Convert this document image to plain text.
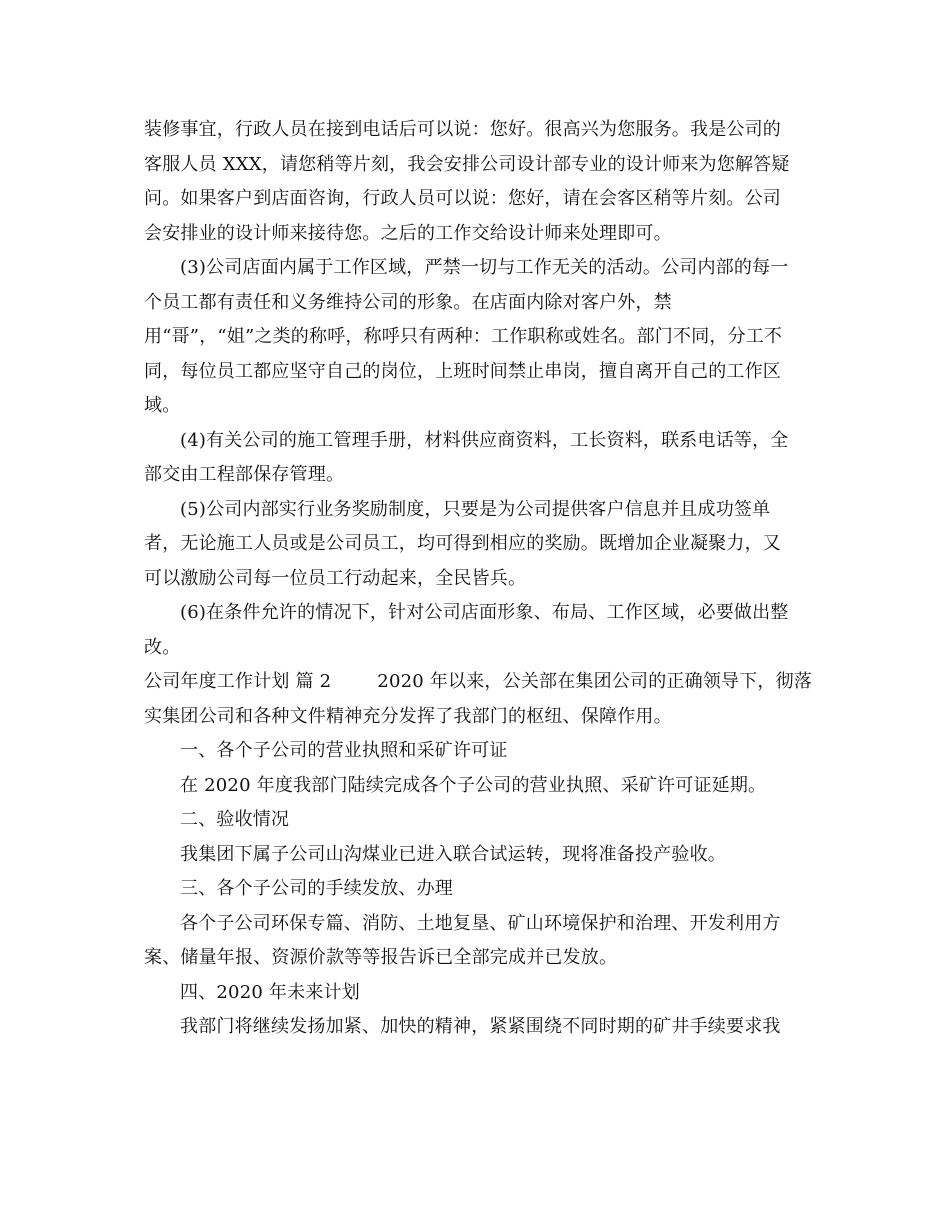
装修事宜，行政人员在接到电话后可以说：您好。很高兴为您服务。我是公司的
客服人员 XXX，请您稍等片刻，我会安排公司设计部专业的设计师来为您解答疑
问。如果客户到店面咨询，行政人员可以说：您好，请在会客区稍等片刻。公司
会安排业的设计师来接待您。之后的工作交给设计师来处理即可。
(3)公司店面内属于工作区域，严禁一切与工作无关的活动。公司内部的每一
个员工都有责任和义务维持公司的形象。在店面内除对客户外，禁
用“哥”，“姐”之类的称呼，称呼只有两种：工作职称或姓名。部门不同，分工不
同，每位员工都应坚守自己的岗位，上班时间禁止串岗，擅自离开自己的工作区
域。
(4)有关公司的施工管理手册，材料供应商资料，工长资料，联系电话等，全
部交由工程部保存管理。
(5)公司内部实行业务奖励制度，只要是为公司提供客户信息并且成功签单
者，无论施工人员或是公司员工，均可得到相应的奖励。既增加企业凝聚力，又
可以激励公司每一位员工行动起来，全民皆兵。
(6)在条件允许的情况下，针对公司店面形象、布局、工作区域，必要做出整
改。
公司年度工作计划 篇 2	2020 年以来，公关部在集团公司的正确领导下，彻落
实集团公司和各种文件精神充分发挥了我部门的枢纽、保障作用。
一、各个子公司的营业执照和采矿许可证
在 2020 年度我部门陆续完成各个子公司的营业执照、采矿许可证延期。
二、验收情况
我集团下属子公司山沟煤业已进入联合试运转，现将准备投产验收。
三、各个子公司的手续发放、办理
各个子公司环保专篇、消防、土地复垦、矿山环境保护和治理、开发利用方
案、储量年报、资源价款等等报告诉已全部完成并已发放。
四、2020 年未来计划
我部门将继续发扬加紧、加快的精神，紧紧围绕不同时期的矿井手续要求我
